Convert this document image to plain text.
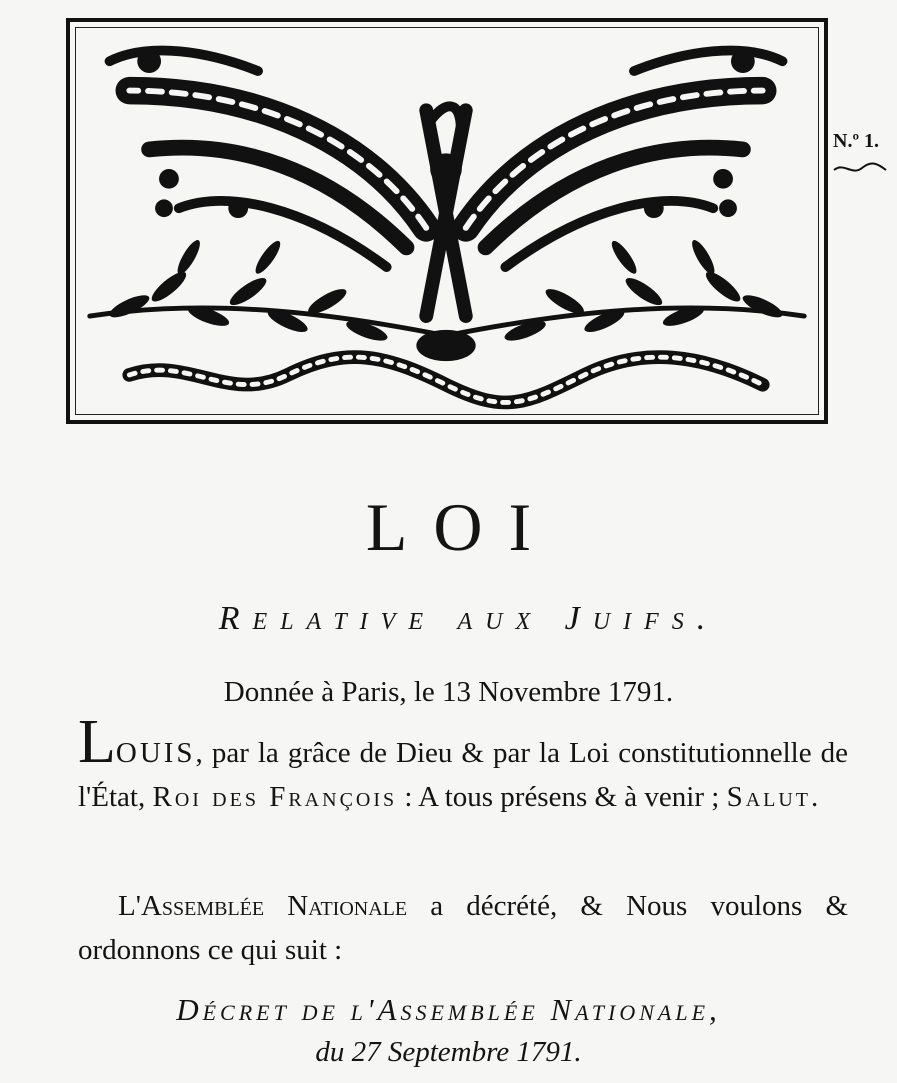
N.º 1.
LOI
Relative aux Juifs.
Donnée à Paris, le 13 Novembre 1791.
LOUIS, par la grâce de Dieu & par la Loi constitutionnelle de l'État, Roi des François : A tous présens & à venir ; Salut.
L'Assemblée Nationale a décrété, & Nous voulons & ordonnons ce qui suit :
Décret de l'Assemblée Nationale,
du 27 Septembre 1791.
